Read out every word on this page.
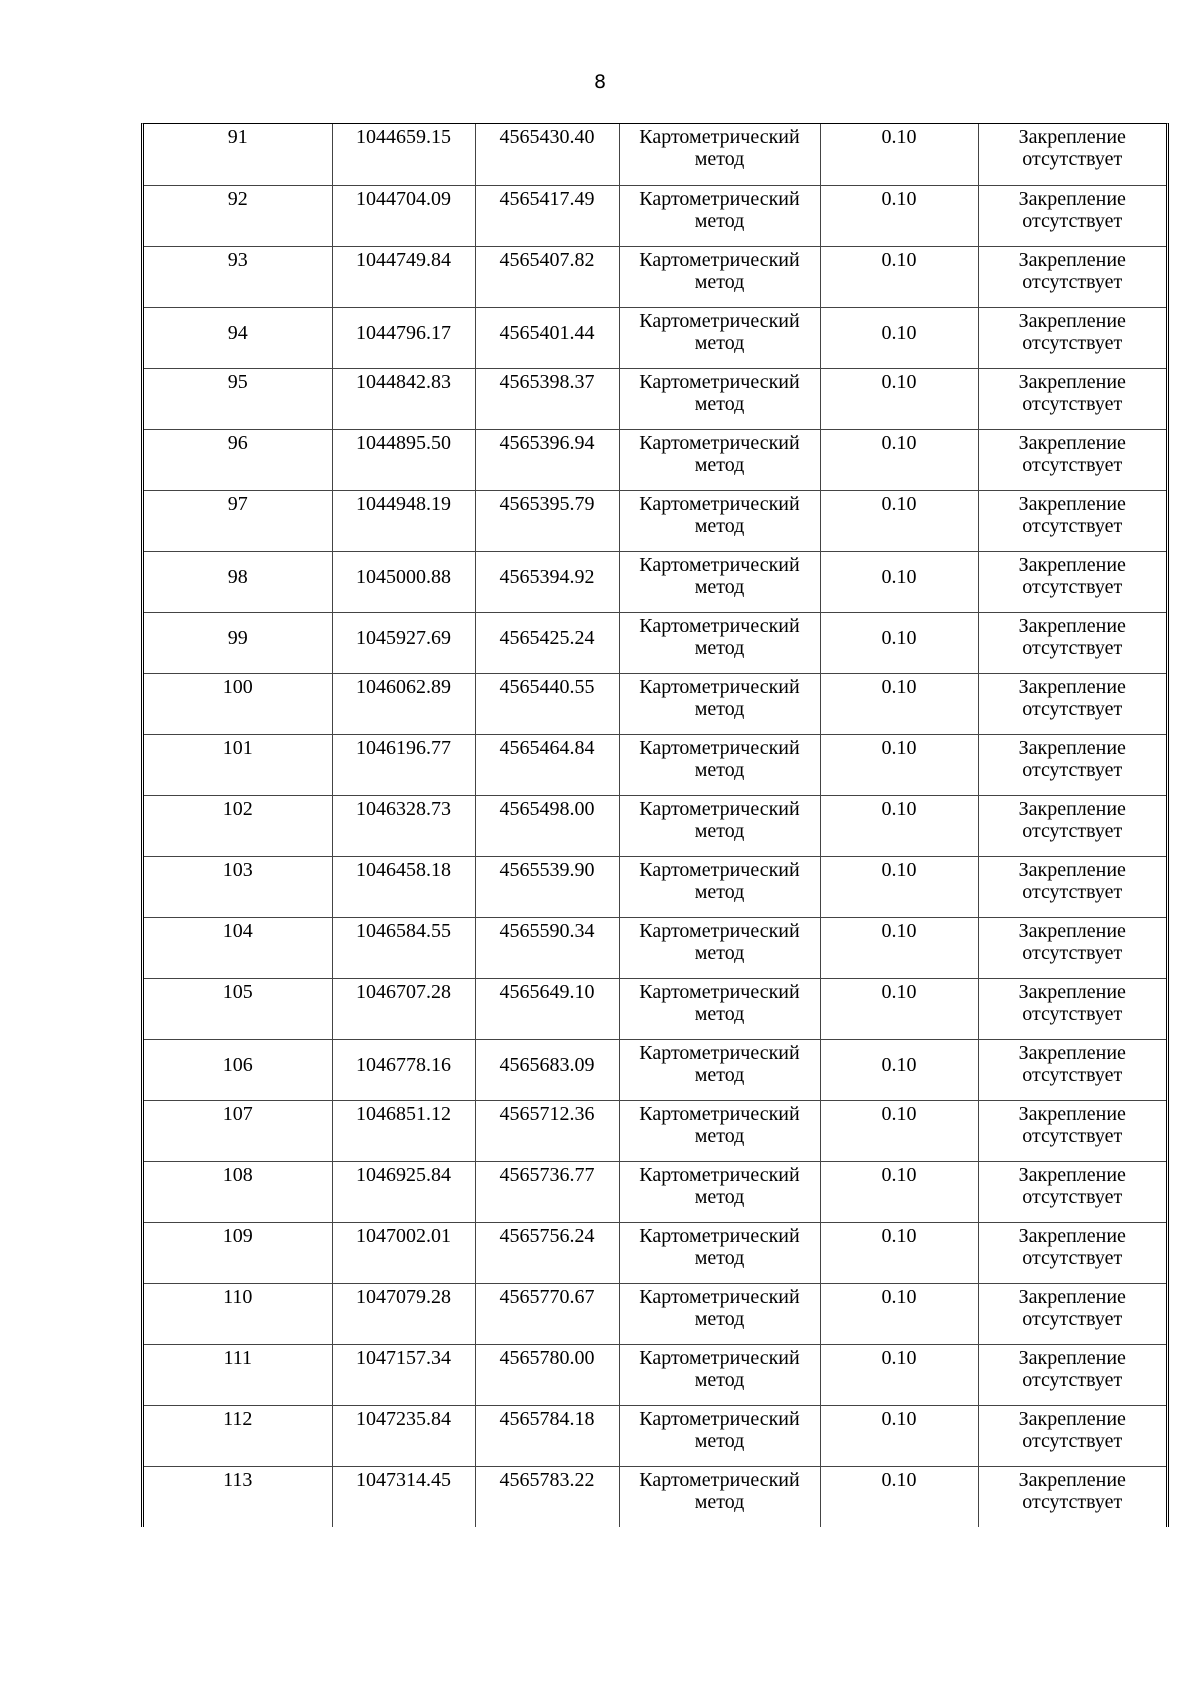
8
91	1044659.15	4565430.40	Картометрический метод	0.10	Закрепление отсутствует
92	1044704.09	4565417.49	Картометрический метод	0.10	Закрепление отсутствует
93	1044749.84	4565407.82	Картометрический метод	0.10	Закрепление отсутствует
94	1044796.17	4565401.44	Картометрический метод	0.10	Закрепление отсутствует
95	1044842.83	4565398.37	Картометрический метод	0.10	Закрепление отсутствует
96	1044895.50	4565396.94	Картометрический метод	0.10	Закрепление отсутствует
97	1044948.19	4565395.79	Картометрический метод	0.10	Закрепление отсутствует
98	1045000.88	4565394.92	Картометрический метод	0.10	Закрепление отсутствует
99	1045927.69	4565425.24	Картометрический метод	0.10	Закрепление отсутствует
100	1046062.89	4565440.55	Картометрический метод	0.10	Закрепление отсутствует
101	1046196.77	4565464.84	Картометрический метод	0.10	Закрепление отсутствует
102	1046328.73	4565498.00	Картометрический метод	0.10	Закрепление отсутствует
103	1046458.18	4565539.90	Картометрический метод	0.10	Закрепление отсутствует
104	1046584.55	4565590.34	Картометрический метод	0.10	Закрепление отсутствует
105	1046707.28	4565649.10	Картометрический метод	0.10	Закрепление отсутствует
106	1046778.16	4565683.09	Картометрический метод	0.10	Закрепление отсутствует
107	1046851.12	4565712.36	Картометрический метод	0.10	Закрепление отсутствует
108	1046925.84	4565736.77	Картометрический метод	0.10	Закрепление отсутствует
109	1047002.01	4565756.24	Картометрический метод	0.10	Закрепление отсутствует
110	1047079.28	4565770.67	Картометрический метод	0.10	Закрепление отсутствует
111	1047157.34	4565780.00	Картометрический метод	0.10	Закрепление отсутствует
112	1047235.84	4565784.18	Картометрический метод	0.10	Закрепление отсутствует
113	1047314.45	4565783.22	Картометрический метод	0.10	Закрепление отсутствует
